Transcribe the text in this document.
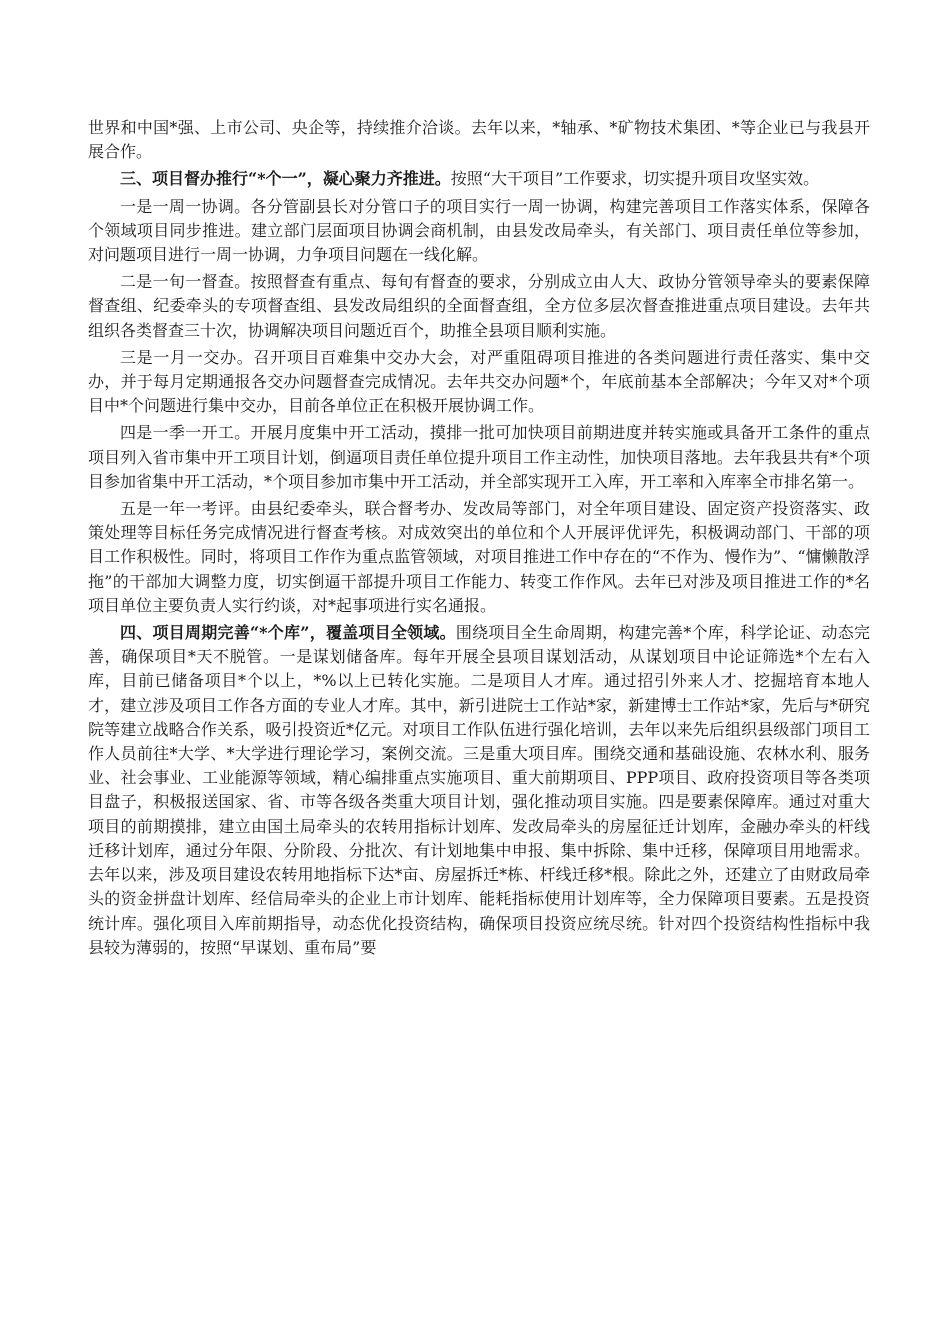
世界和中国*强、上市公司、央企等，持续推介洽谈。去年以来，*轴承、*矿物技术集团、*等企业已与我县开展合作。

三、项目督办推行“*个一”，凝心聚力齐推进。按照“大干项目”工作要求，切实提升项目攻坚实效。

一是一周一协调。各分管副县长对分管口子的项目实行一周一协调，构建完善项目工作落实体系，保障各个领域项目同步推进。建立部门层面项目协调会商机制，由县发改局牵头，有关部门、项目责任单位等参加，对问题项目进行一周一协调，力争项目问题在一线化解。

二是一旬一督查。按照督查有重点、每旬有督查的要求，分别成立由人大、政协分管领导牵头的要素保障督查组、纪委牵头的专项督查组、县发改局组织的全面督查组，全方位多层次督查推进重点项目建设。去年共组织各类督查三十次，协调解决项目问题近百个，助推全县项目顺利实施。

三是一月一交办。召开项目百难集中交办大会，对严重阻碍项目推进的各类问题进行责任落实、集中交办，并于每月定期通报各交办问题督查完成情况。去年共交办问题*个，年底前基本全部解决；今年又对*个项目中*个问题进行集中交办，目前各单位正在积极开展协调工作。

四是一季一开工。开展月度集中开工活动，摸排一批可加快项目前期进度并转实施或具备开工条件的重点项目列入省市集中开工项目计划，倒逼项目责任单位提升项目工作主动性，加快项目落地。去年我县共有*个项目参加省集中开工活动，*个项目参加市集中开工活动，并全部实现开工入库，开工率和入库率全市排名第一。

五是一年一考评。由县纪委牵头，联合督考办、发改局等部门，对全年项目建设、固定资产投资落实、政策处理等目标任务完成情况进行督查考核。对成效突出的单位和个人开展评优评先，积极调动部门、干部的项目工作积极性。同时，将项目工作作为重点监管领域，对项目推进工作中存在的“不作为、慢作为”、“慵懒散浮拖”的干部加大调整力度，切实倒逼干部提升项目工作能力、转变工作作风。去年已对涉及项目推进工作的*名项目单位主要负责人实行约谈，对*起事项进行实名通报。

四、项目周期完善“*个库”，覆盖项目全领域。围绕项目全生命周期，构建完善*个库，科学论证、动态完善，确保项目*天不脱管。一是谋划储备库。每年开展全县项目谋划活动，从谋划项目中论证筛选*个左右入库，目前已储备项目*个以上，*%以上已转化实施。二是项目人才库。通过招引外来人才、挖掘培育本地人才，建立涉及项目工作各方面的专业人才库。其中，新引进院士工作站*家，新建博士工作站*家，先后与*研究院等建立战略合作关系，吸引投资近*亿元。对项目工作队伍进行强化培训，去年以来先后组织县级部门项目工作人员前往*大学、*大学进行理论学习，案例交流。三是重大项目库。围绕交通和基础设施、农林水利、服务业、社会事业、工业能源等领域，精心编排重点实施项目、重大前期项目、PPP项目、政府投资项目等各类项目盘子，积极报送国家、省、市等各级各类重大项目计划，强化推动项目实施。四是要素保障库。通过对重大项目的前期摸排，建立由国土局牵头的农转用指标计划库、发改局牵头的房屋征迁计划库，金融办牵头的杆线迁移计划库，通过分年限、分阶段、分批次、有计划地集中申报、集中拆除、集中迁移，保障项目用地需求。去年以来，涉及项目建设农转用地指标下达*亩、房屋拆迁*栋、杆线迁移*根。除此之外，还建立了由财政局牵头的资金拼盘计划库、经信局牵头的企业上市计划库、能耗指标使用计划库等，全力保障项目要素。五是投资统计库。强化项目入库前期指导，动态优化投资结构，确保项目投资应统尽统。针对四个投资结构性指标中我县较为薄弱的，按照“早谋划、重布局”要
